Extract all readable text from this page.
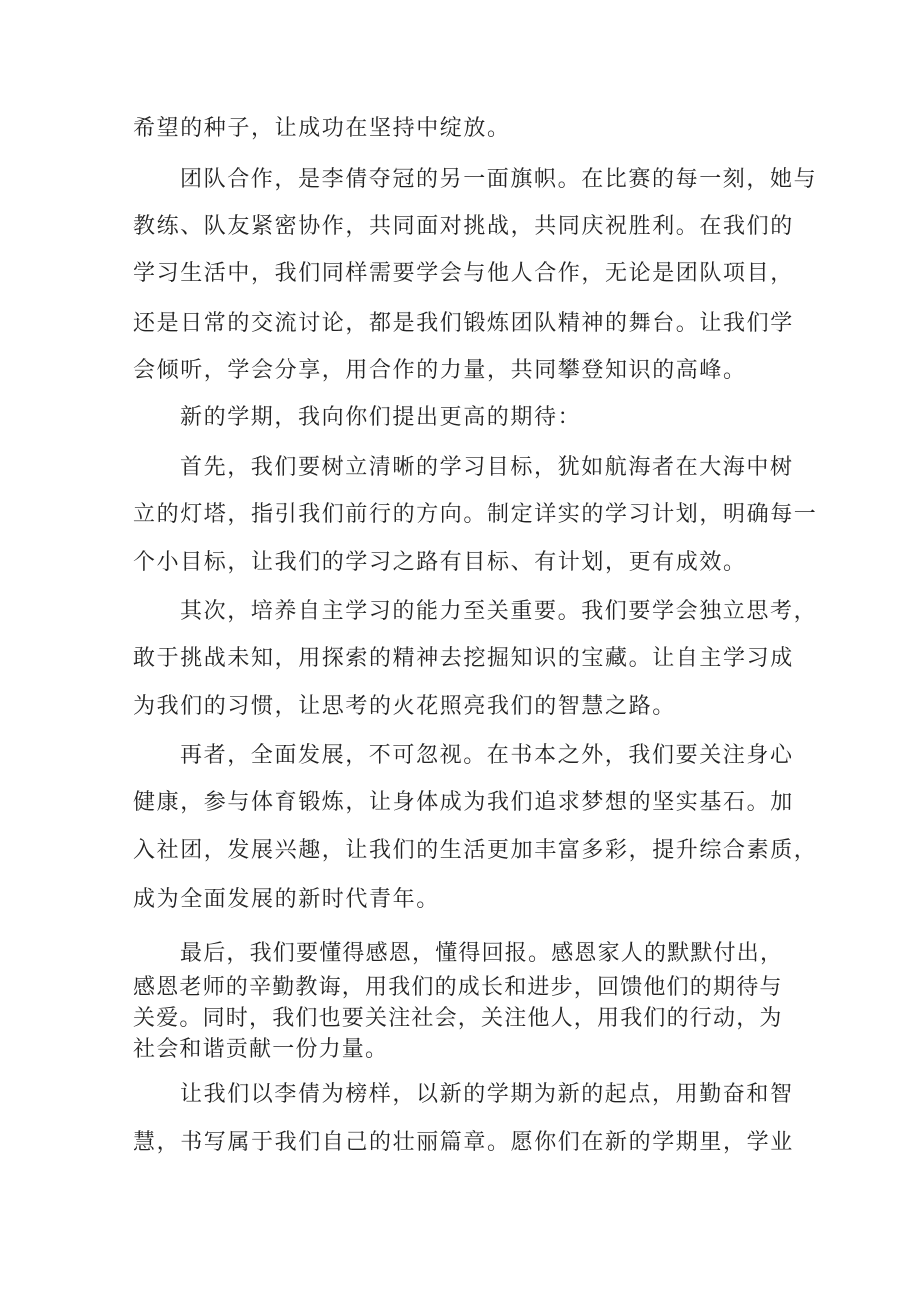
希望的种子，让成功在坚持中绽放。
团队合作，是李倩夺冠的另一面旗帜。在比赛的每一刻，她与
教练、队友紧密协作，共同面对挑战，共同庆祝胜利。在我们的
学习生活中，我们同样需要学会与他人合作，无论是团队项目，
还是日常的交流讨论，都是我们锻炼团队精神的舞台。让我们学
会倾听，学会分享，用合作的力量，共同攀登知识的高峰。
新的学期，我向你们提出更高的期待：
首先，我们要树立清晰的学习目标，犹如航海者在大海中树
立的灯塔，指引我们前行的方向。制定详实的学习计划，明确每一
个小目标，让我们的学习之路有目标、有计划，更有成效。
其次，培养自主学习的能力至关重要。我们要学会独立思考，
敢于挑战未知，用探索的精神去挖掘知识的宝藏。让自主学习成
为我们的习惯，让思考的火花照亮我们的智慧之路。
再者，全面发展，不可忽视。在书本之外，我们要关注身心
健康，参与体育锻炼，让身体成为我们追求梦想的坚实基石。加
入社团，发展兴趣，让我们的生活更加丰富多彩，提升综合素质，
成为全面发展的新时代青年。
最后，我们要懂得感恩，懂得回报。感恩家人的默默付出，
感恩老师的辛勤教诲，用我们的成长和进步，回馈他们的期待与
关爱。同时，我们也要关注社会，关注他人，用我们的行动，为
社会和谐贡献一份力量。
让我们以李倩为榜样，以新的学期为新的起点，用勤奋和智
慧，书写属于我们自己的壮丽篇章。愿你们在新的学期里，学业
